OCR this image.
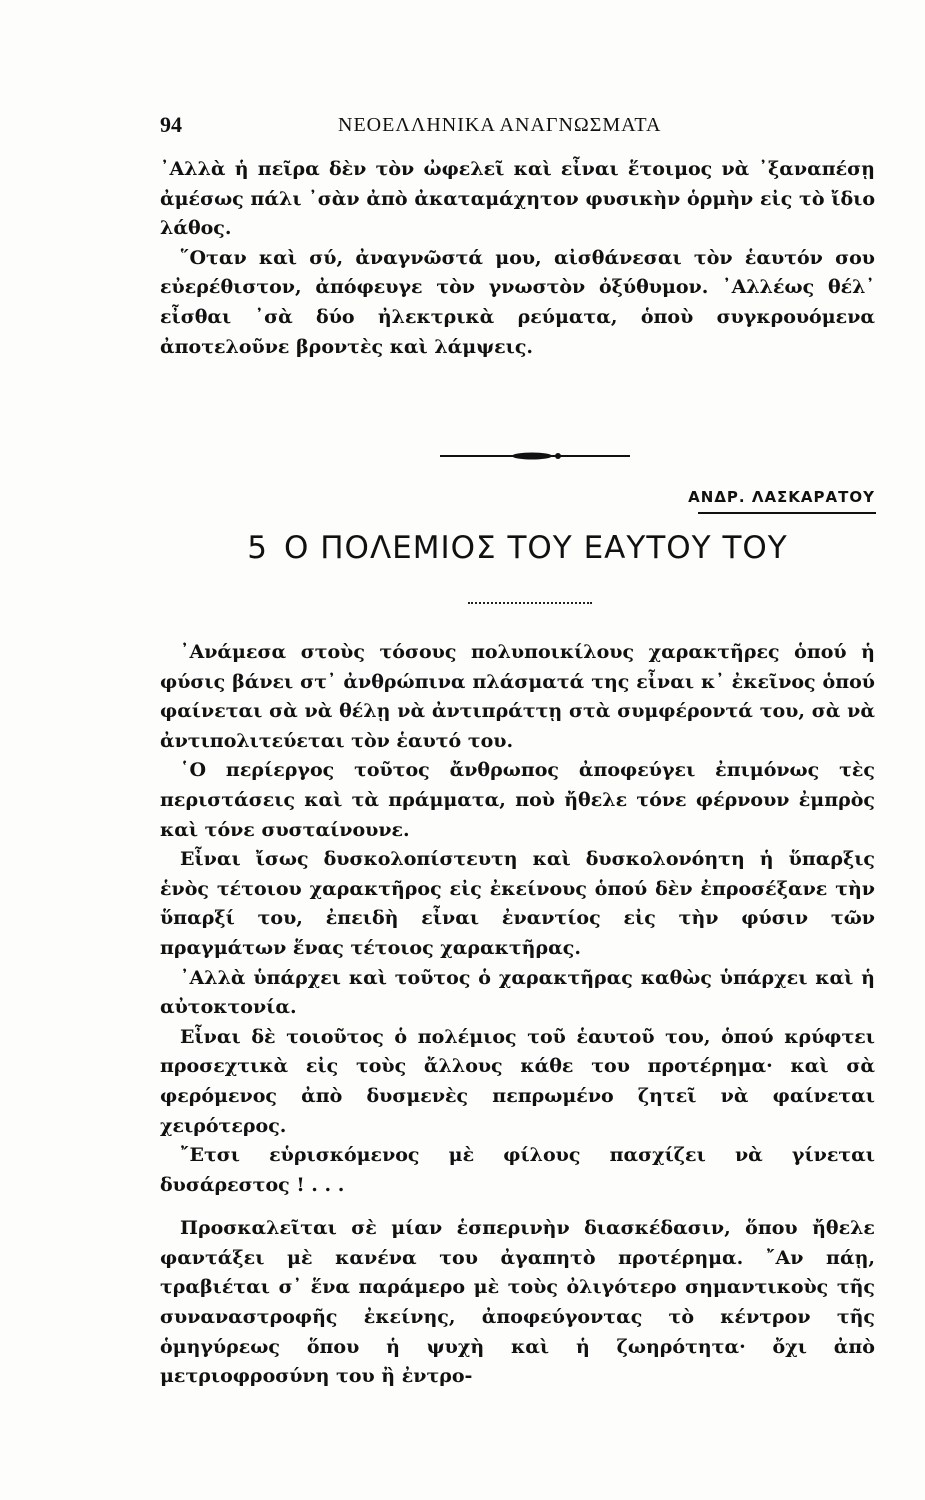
94	ΝΕΟΕΛΛΗΝΙΚΑ ΑΝΑΓΝΩΣΜΑΤΑ

᾿Αλλὰ ἡ πεῖρα δὲν τὸν ὠφελεῖ καὶ εἶναι ἕτοιμος νὰ ᾿ξαναπέσῃ ἀμέσως πάλι ᾿σὰν ἀπὸ ἀκαταμάχητον φυσικὴν ὁρμὴν εἰς τὸ ἴδιο λάθος.

῞Οταν καὶ σύ, ἀναγνῶστά μου, αἰσθάνεσαι τὸν ἑαυτόν σου εὐερέθιστον, ἀπόφευγε τὸν γνωστὸν ὀξύθυμον. ᾿Αλλέως θέλ᾿ εἶσθαι ᾿σὰ δύο ἠλεκτρικὰ ρεύματα, ὁποὺ συγκρουόμενα ἀποτελοῦνε βροντὲς καὶ λάμψεις.

ΑΝΔΡ. ΛΑΣΚΑΡΑΤΟΥ
5 Ο ΠΟΛΕΜΙΟΣ ΤΟΥ ΕΑΥΤΟΥ ΤΟΥ

᾿Ανάμεσα στοὺς τόσους πολυποικίλους χαρακτῆρες ὁπού ἡ φύσις βάνει στ᾿ ἀνθρώπινα πλάσματά της εἶναι κ᾿ ἐκεῖνος ὁπού φαίνεται σὰ νὰ θέλῃ νὰ ἀντιπράττῃ στὰ συμφέροντά του, σὰ νὰ ἀντιπολιτεύεται τὸν ἑαυτό του.

῾Ο περίεργος τοῦτος ἄνθρωπος ἀποφεύγει ἐπιμόνως τὲς περιστάσεις καὶ τὰ πράμματα, ποὺ ἤθελε τόνε φέρνουν ἐμπρὸς καὶ τόνε συσταίνουνε.

Εἶναι ἴσως δυσκολοπίστευτη καὶ δυσκολονόητη ἡ ὕπαρξις ἑνὸς τέτοιου χαρακτῆρος εἰς ἐκείνους ὁπού δὲν ἐπροσέξανε τὴν ὕπαρξί του, ἐπειδὴ εἶναι ἐναντίος εἰς τὴν φύσιν τῶν πραγμάτων ἕνας τέτοιος χαρακτῆρας.

᾿Αλλὰ ὑπάρχει καὶ τοῦτος ὁ χαρακτῆρας καθὼς ὑπάρχει καὶ ἡ αὐτοκτονία.

Εἶναι δὲ τοιοῦτος ὁ πολέμιος τοῦ ἑαυτοῦ του, ὁπού κρύφτει προσεχτικὰ εἰς τοὺς ἄλλους κάθε του προτέρημα· καὶ σὰ φερόμενος ἀπὸ δυσμενὲς πεπρωμένο ζητεῖ νὰ φαίνεται χειρότερος.

῎Ετσι εὑρισκόμενος μὲ φίλους πασχίζει νὰ γίνεται δυσάρεστος ! . . .

Προσκαλεῖται σὲ μίαν ἑσπερινὴν διασκέδασιν, ὅπου ἤθελε φαντάξει μὲ κανένα του ἀγαπητὸ προτέρημα. ῎Αν πάῃ, τραβιέται σ᾿ ἕνα παράμερο μὲ τοὺς ὀλιγότερο σημαντικοὺς τῆς συναναστροφῆς ἐκείνης, ἀποφεύγοντας τὸ κέντρον τῆς ὁμηγύρεως ὅπου ἡ ψυχὴ καὶ ἡ ζωηρότητα· ὄχι ἀπὸ μετριοφροσύνη του ἢ ἐντρο-
